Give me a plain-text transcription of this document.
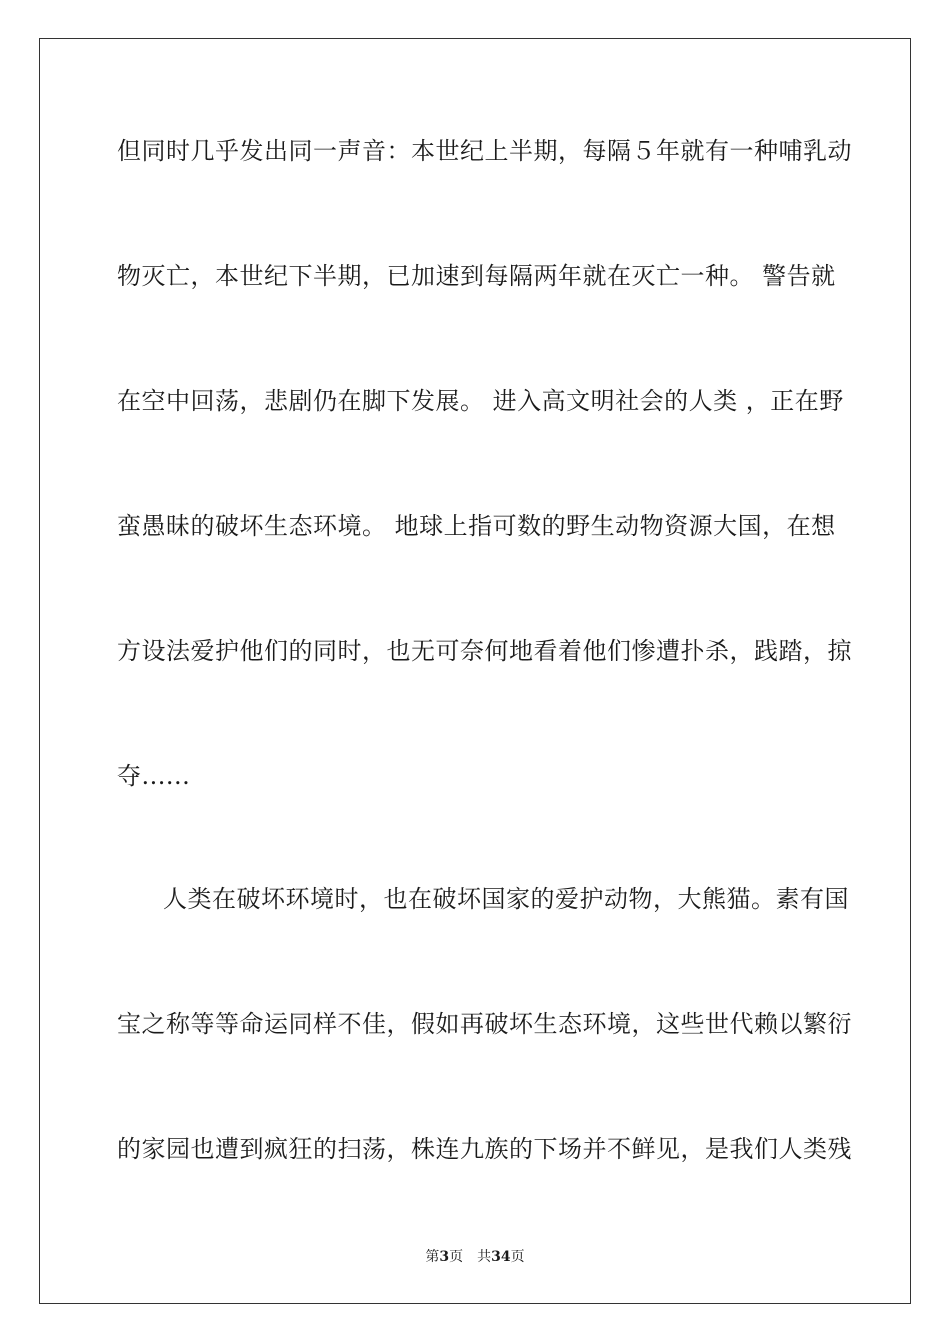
但同时几乎发出同一声音：本世纪上半期，每隔５年就有一种哺乳动
物灭亡，本世纪下半期，已加速到每隔两年就在灭亡一种。 警告就
在空中回荡，悲剧仍在脚下发展。 进入高文明社会的人类 ，正在野
蛮愚昧的破坏生态环境。 地球上指可数的野生动物资源大国，在想
方设法爱护他们的同时，也无可奈何地看着他们惨遭扑杀，践踏，掠
夺......
人类在破坏环境时，也在破坏国家的爱护动物，大熊猫。素有国
宝之称等等命运同样不佳，假如再破坏生态环境，这些世代赖以繁衍
的家园也遭到疯狂的扫荡，株连九族的下场并不鲜见，是我们人类残
第3页 共34页
